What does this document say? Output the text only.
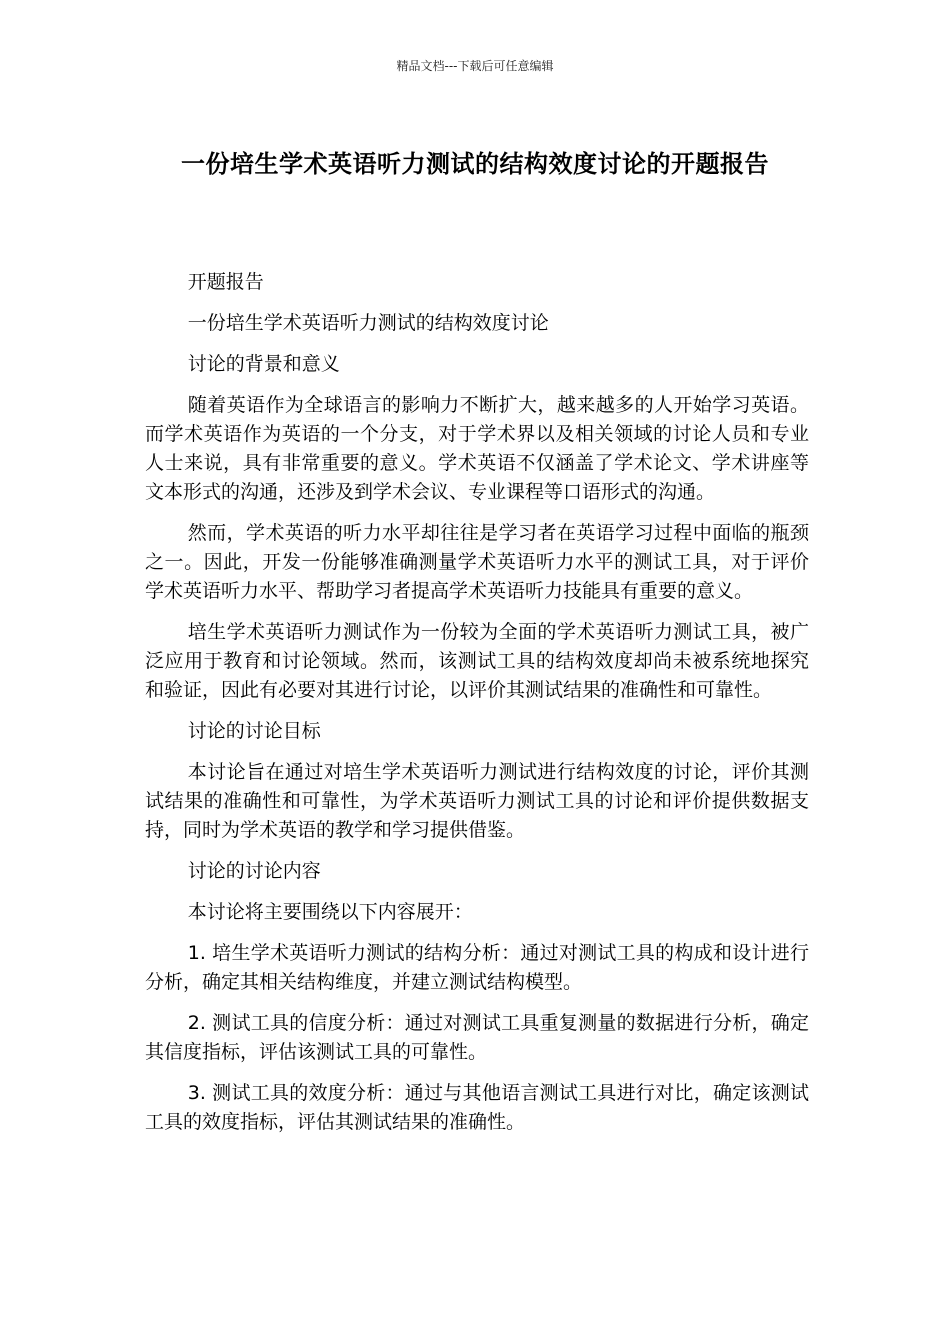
精品文档---下载后可任意编辑
一份培生学术英语听力测试的结构效度讨论的开题报告

开题报告

一份培生学术英语听力测试的结构效度讨论

讨论的背景和意义

随着英语作为全球语言的影响力不断扩大，越来越多的人开始学习英语。而学术英语作为英语的一个分支，对于学术界以及相关领域的讨论人员和专业人士来说，具有非常重要的意义。学术英语不仅涵盖了学术论文、学术讲座等文本形式的沟通，还涉及到学术会议、专业课程等口语形式的沟通。

然而，学术英语的听力水平却往往是学习者在英语学习过程中面临的瓶颈之一。因此，开发一份能够准确测量学术英语听力水平的测试工具，对于评价学术英语听力水平、帮助学习者提高学术英语听力技能具有重要的意义。

培生学术英语听力测试作为一份较为全面的学术英语听力测试工具，被广泛应用于教育和讨论领域。然而，该测试工具的结构效度却尚未被系统地探究和验证，因此有必要对其进行讨论，以评价其测试结果的准确性和可靠性。

讨论的讨论目标

本讨论旨在通过对培生学术英语听力测试进行结构效度的讨论，评价其测试结果的准确性和可靠性，为学术英语听力测试工具的讨论和评价提供数据支持，同时为学术英语的教学和学习提供借鉴。

讨论的讨论内容

本讨论将主要围绕以下内容展开：

1. 培生学术英语听力测试的结构分析：通过对测试工具的构成和设计进行分析，确定其相关结构维度，并建立测试结构模型。

2. 测试工具的信度分析：通过对测试工具重复测量的数据进行分析，确定其信度指标，评估该测试工具的可靠性。

3. 测试工具的效度分析：通过与其他语言测试工具进行对比，确定该测试工具的效度指标，评估其测试结果的准确性。
